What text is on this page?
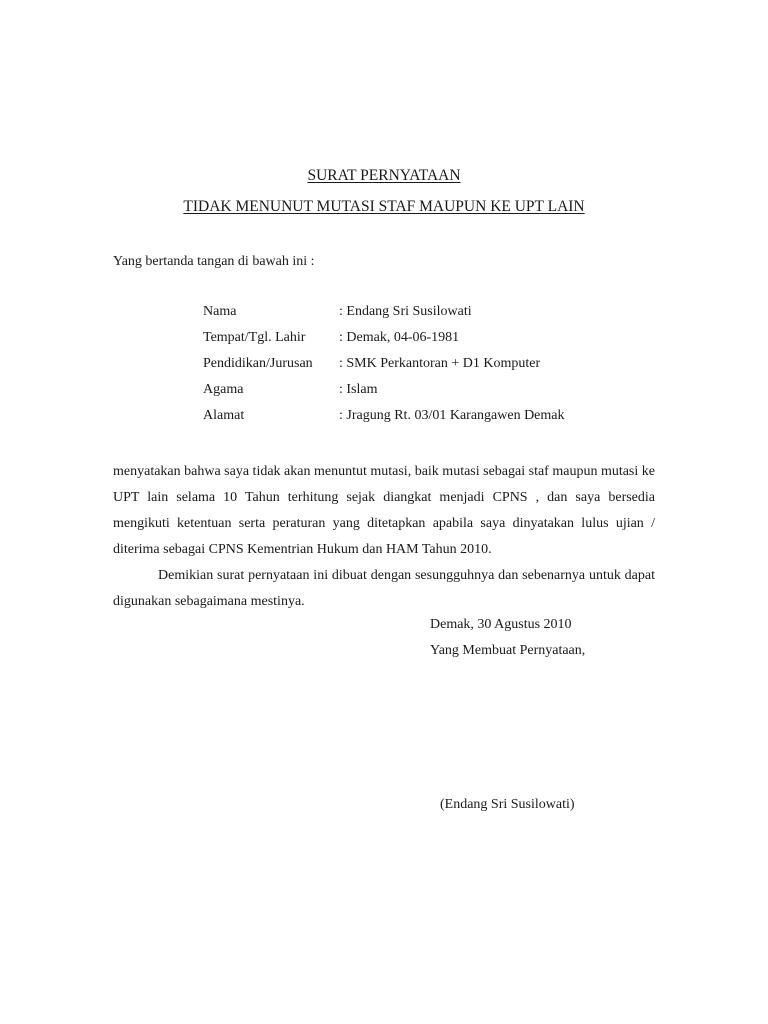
SURAT PERNYATAAN
TIDAK MENUNUT MUTASI STAF MAUPUN KE UPT LAIN
Yang bertanda tangan di bawah ini :
Nama	: Endang Sri Susilowati
Tempat/Tgl. Lahir : Demak, 04-06-1981
Pendidikan/Jurusan : SMK Perkantoran + D1 Komputer
Agama	: Islam
Alamat	: Jragung Rt. 03/01 Karangawen Demak

menyatakan bahwa saya tidak akan menuntut mutasi, baik mutasi sebagai staf maupun mutasi ke UPT lain selama 10 Tahun terhitung sejak diangkat menjadi CPNS , dan saya bersedia mengikuti ketentuan serta peraturan yang ditetapkan apabila saya dinyatakan lulus ujian / diterima sebagai CPNS Kementrian Hukum dan HAM Tahun 2010.

Demikian surat pernyataan ini dibuat dengan sesungguhnya dan sebenarnya untuk dapat digunakan sebagaimana mestinya.

Demak, 30 Agustus 2010
Yang Membuat Pernyataan,
(Endang Sri Susilowati)
